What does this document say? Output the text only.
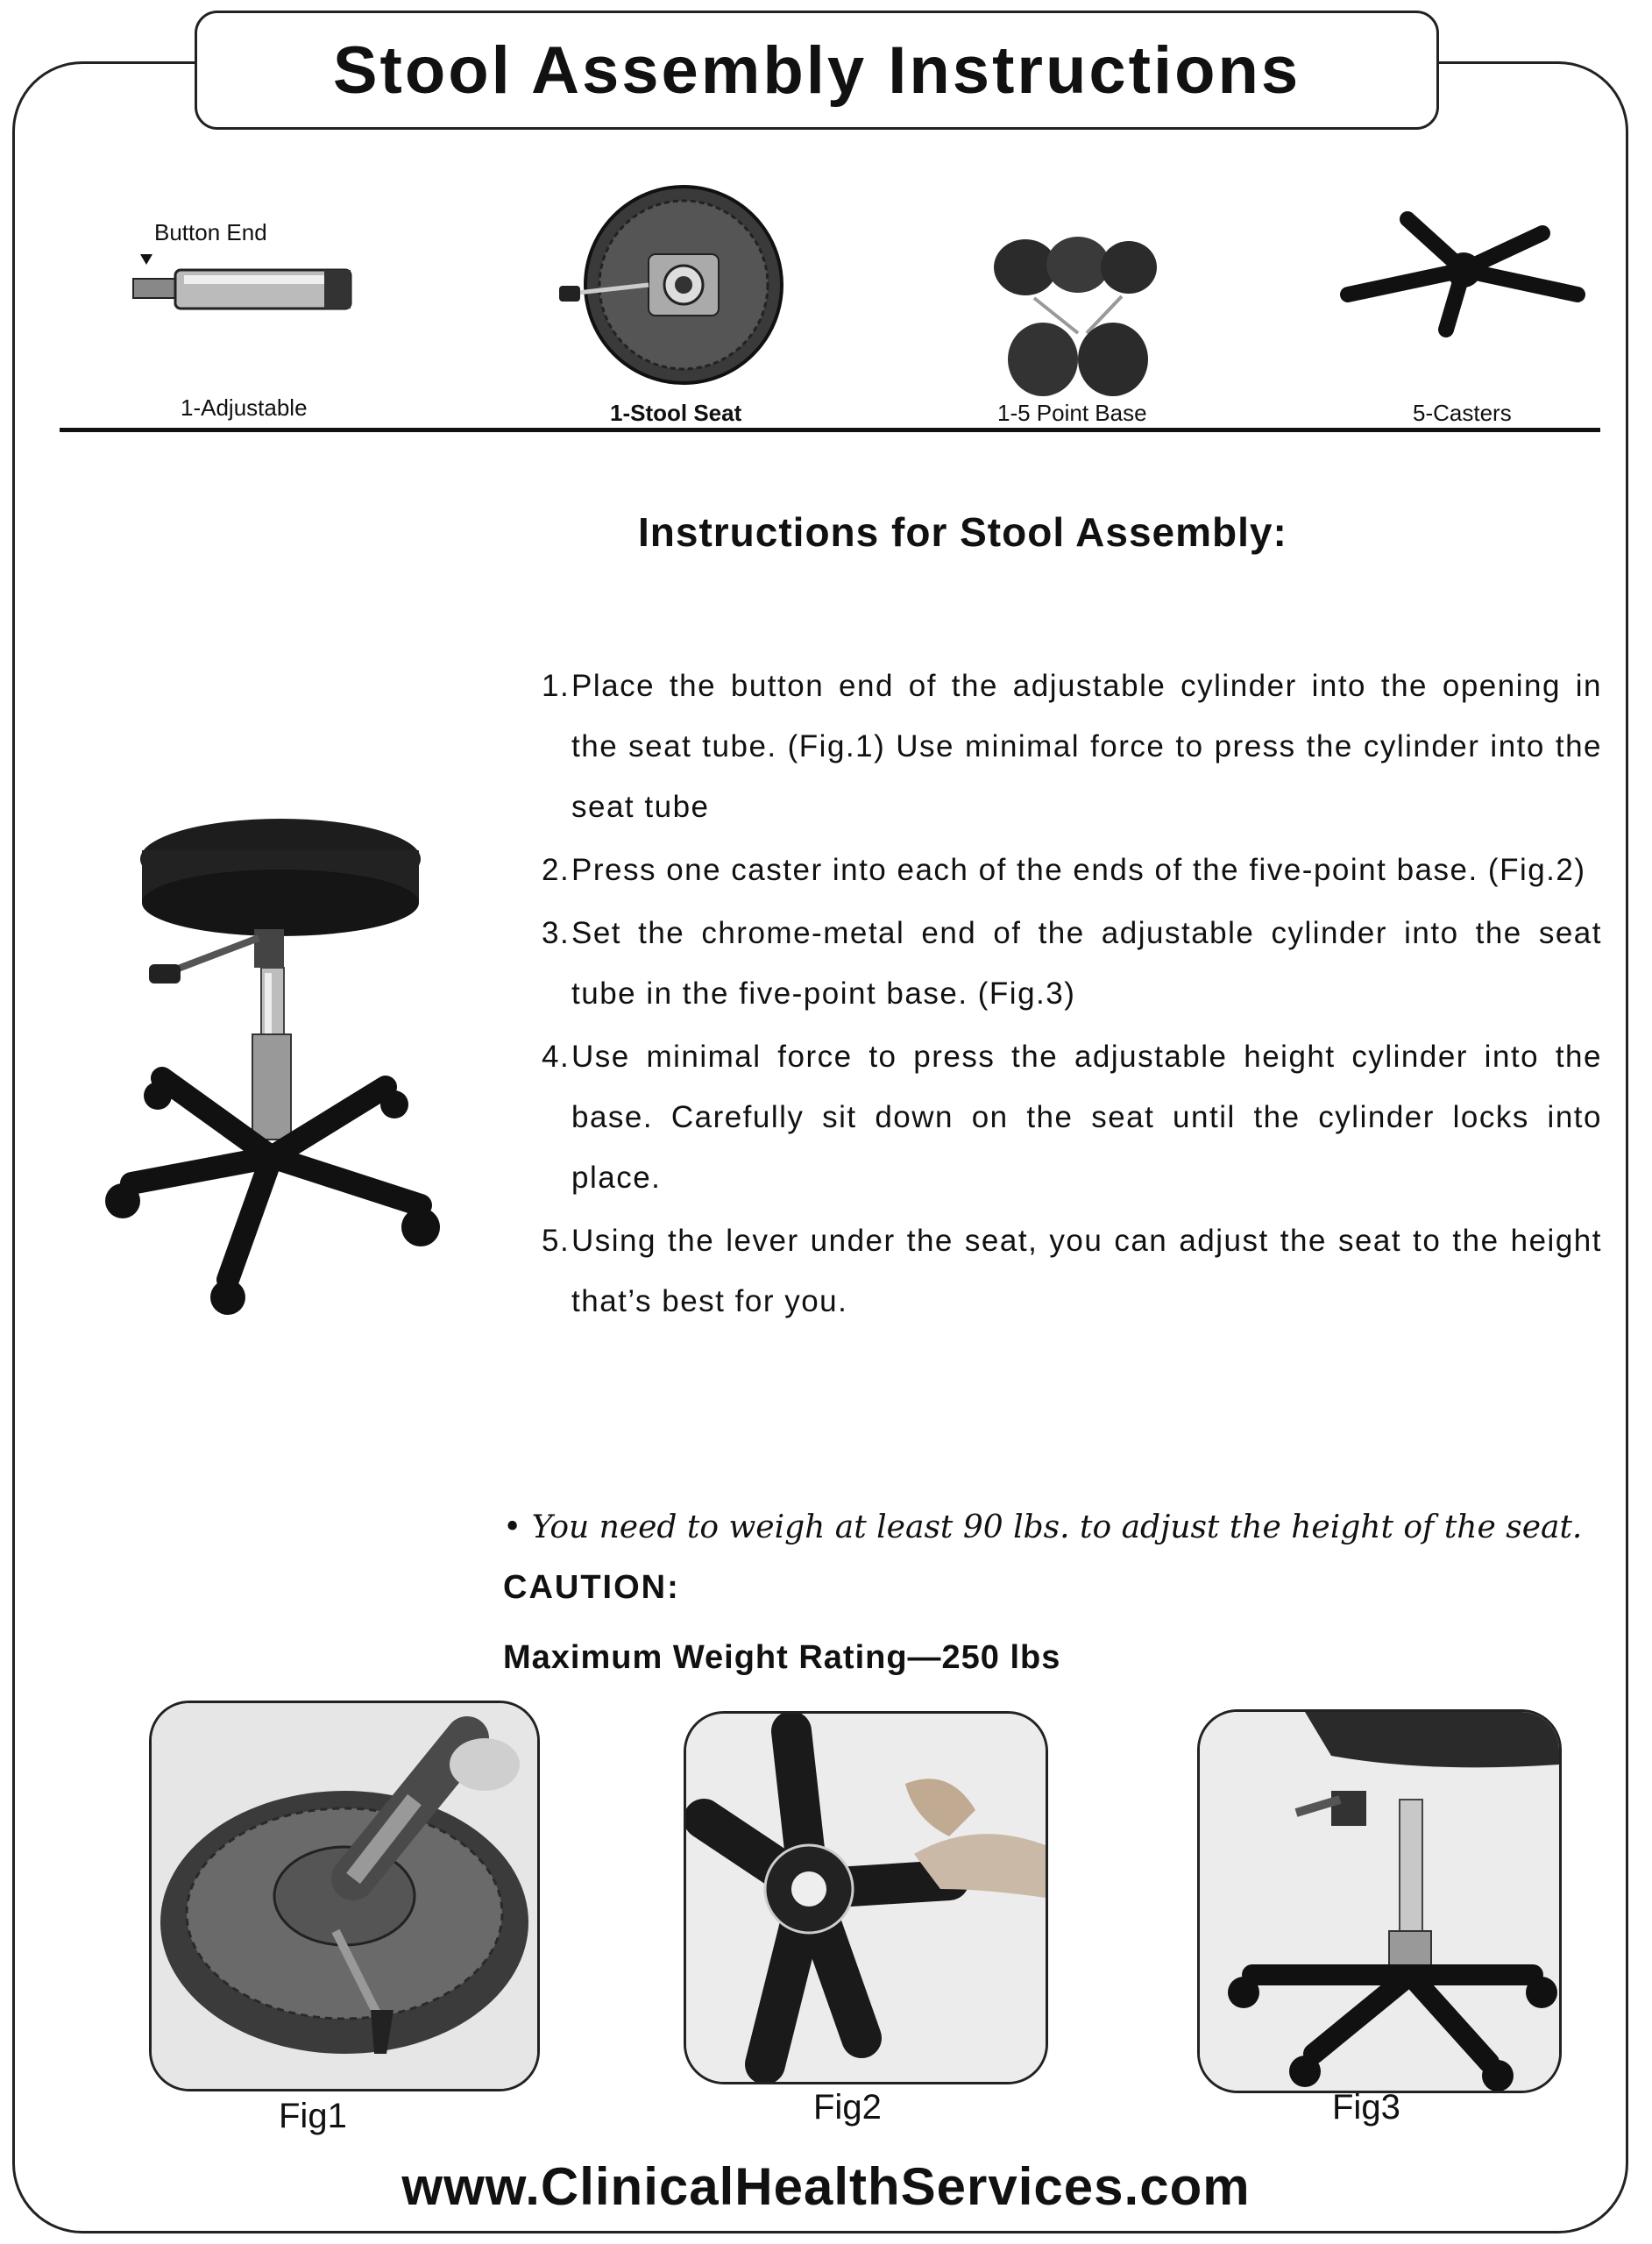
Stool Assembly Instructions
Button End
1-Adjustable	1-Stool Seat	1-5 Point Base	5-Casters
Instructions for Stool Assembly:
1. Place the button end of the adjustable cylinder into the opening in the seat tube. (Fig.1) Use minimal force to press the cylinder into the seat tube
2. Press one caster into each of the ends of the five-point base. (Fig.2)
3. Set the chrome-metal end of the adjustable cylinder into the seat tube in the five-point base. (Fig.3)
4. Use minimal force to press the adjustable height cylinder into the base. Carefully sit down on the seat until the cylinder locks into place.
5. Using the lever under the seat, you can adjust the seat to the height that’s best for you.
• You need to weigh at least 90 lbs. to adjust the height of the seat.
CAUTION:
Maximum Weight Rating—250 lbs
Fig1	Fig2	Fig3
www.ClinicalHealthServices.com
